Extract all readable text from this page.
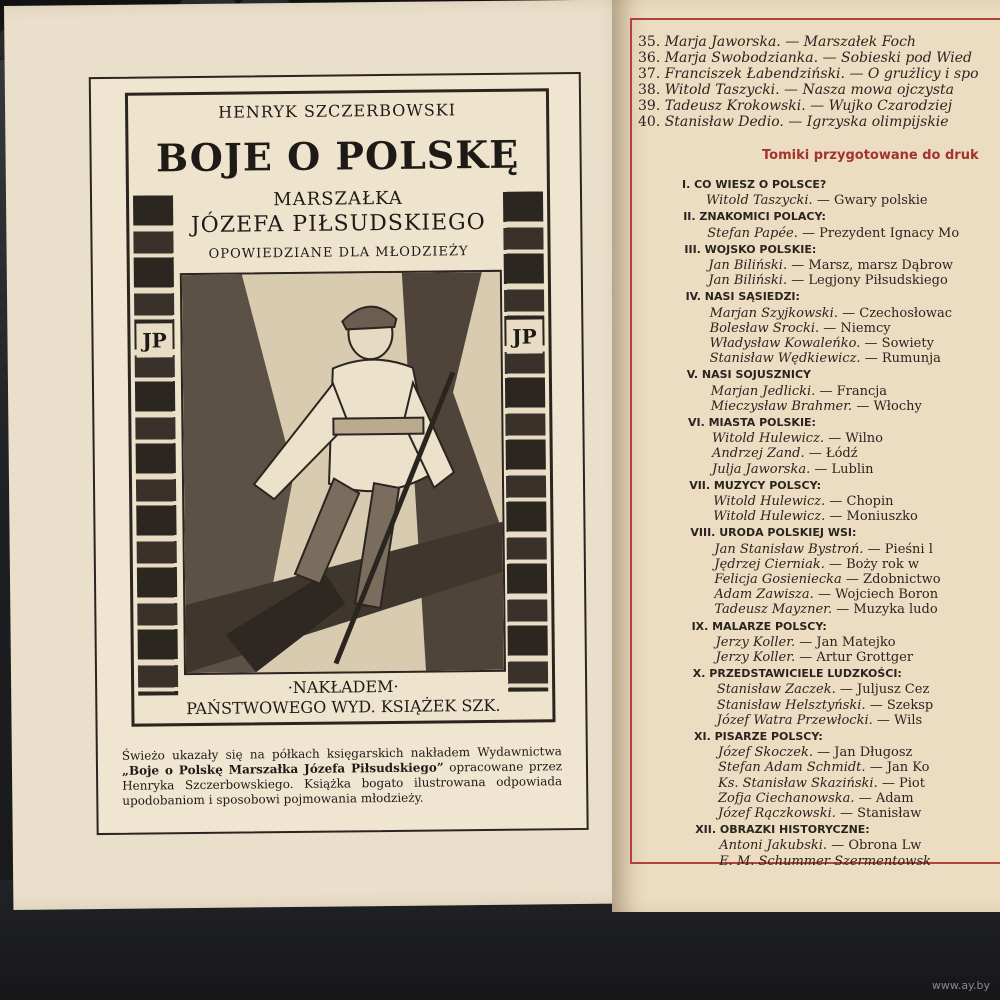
HENRYK SZCZERBOWSKI
BOJE O POLSKĘ
MARSZAŁKA
JÓZEFA PIŁSUDSKIEGO
OPOWIEDZIANE DLA MŁODZIEŻY
JP	JP
·NAKŁADEM·
PAŃSTWOWEGO WYD. KSIĄŻEK SZK.
Świeżo ukazały się na półkach księgarskich nakładem Wydawnictwa „Boje o Polskę Marszałka Józefa Piłsudskiego” opracowane przez Henryka Szczerbowskiego. Książka bogato ilustrowana odpowiada upodobaniom i sposobowi pojmowania młodzieży.
35. Marja Jaworska. — Marszałek Foch
36. Marja Swobodzianka. — Sobieski pod Wied
37. Franciszek Łabendziński. — O grużlicy i spo
38. Witold Taszycki. — Nasza mowa ojczysta
39. Tadeusz Krokowski. — Wujko Czarodziej
40. Stanisław Dedio. — Igrzyska olimpijskie
Tomiki przygotowane do druk
I. CO WIESZ O POLSCE?
Witold Taszycki. — Gwary polskie
II. ZNAKOMICI POLACY:
Stefan Papée. — Prezydent Ignacy Mo
III. WOJSKO POLSKIE:
Jan Biliński. — Marsz, marsz Dąbrow
Jan Biliński. — Legjony Piłsudskiego
IV. NASI SĄSIEDZI:
Marjan Szyjkowski. — Czechosłowac
Bolesław Srocki. — Niemcy
Władysław Kowaleńko. — Sowiety
Stanisław Wędkiewicz. — Rumunja
V. NASI SOJUSZNICY
Marjan Jedlicki. — Francja
Mieczysław Brahmer. — Włochy
VI. MIASTA POLSKIE:
Witold Hulewicz. — Wilno
Andrzej Zand. — Łódź
Julja Jaworska. — Lublin
VII. MUZYCY POLSCY:
Witold Hulewicz. — Chopin
Witold Hulewicz. — Moniuszko
VIII. URODA POLSKIEJ WSI:
Jan Stanisław Bystroń. — Pieśni l
Jędrzej Cierniak. — Boży rok w
Felicja Gosieniecka — Zdobnictwo
Adam Zawisza. — Wojciech Boron
Tadeusz Mayzner. — Muzyka ludo
IX. MALARZE POLSCY:
Jerzy Koller. — Jan Matejko
Jerzy Koller. — Artur Grottger
X. PRZEDSTAWICIELE LUDZKOŚCI:
Stanisław Zaczek. — Juljusz Cez
Stanisław Helsztyński. — Szeksp
Józef Watra Przewłocki. — Wils
XI. PISARZE POLSCY:
Józef Skoczek. — Jan Długosz
Stefan Adam Schmidt. — Jan Ko
Ks. Stanisław Skaziński. — Piot
Zofja Ciechanowska. — Adam
Józef Rączkowski. — Stanisław
XII. OBRAZKI HISTORYCZNE:
Antoni Jakubski. — Obrona Lw
E. M. Schummer Szermentowsk
www.ay.by
